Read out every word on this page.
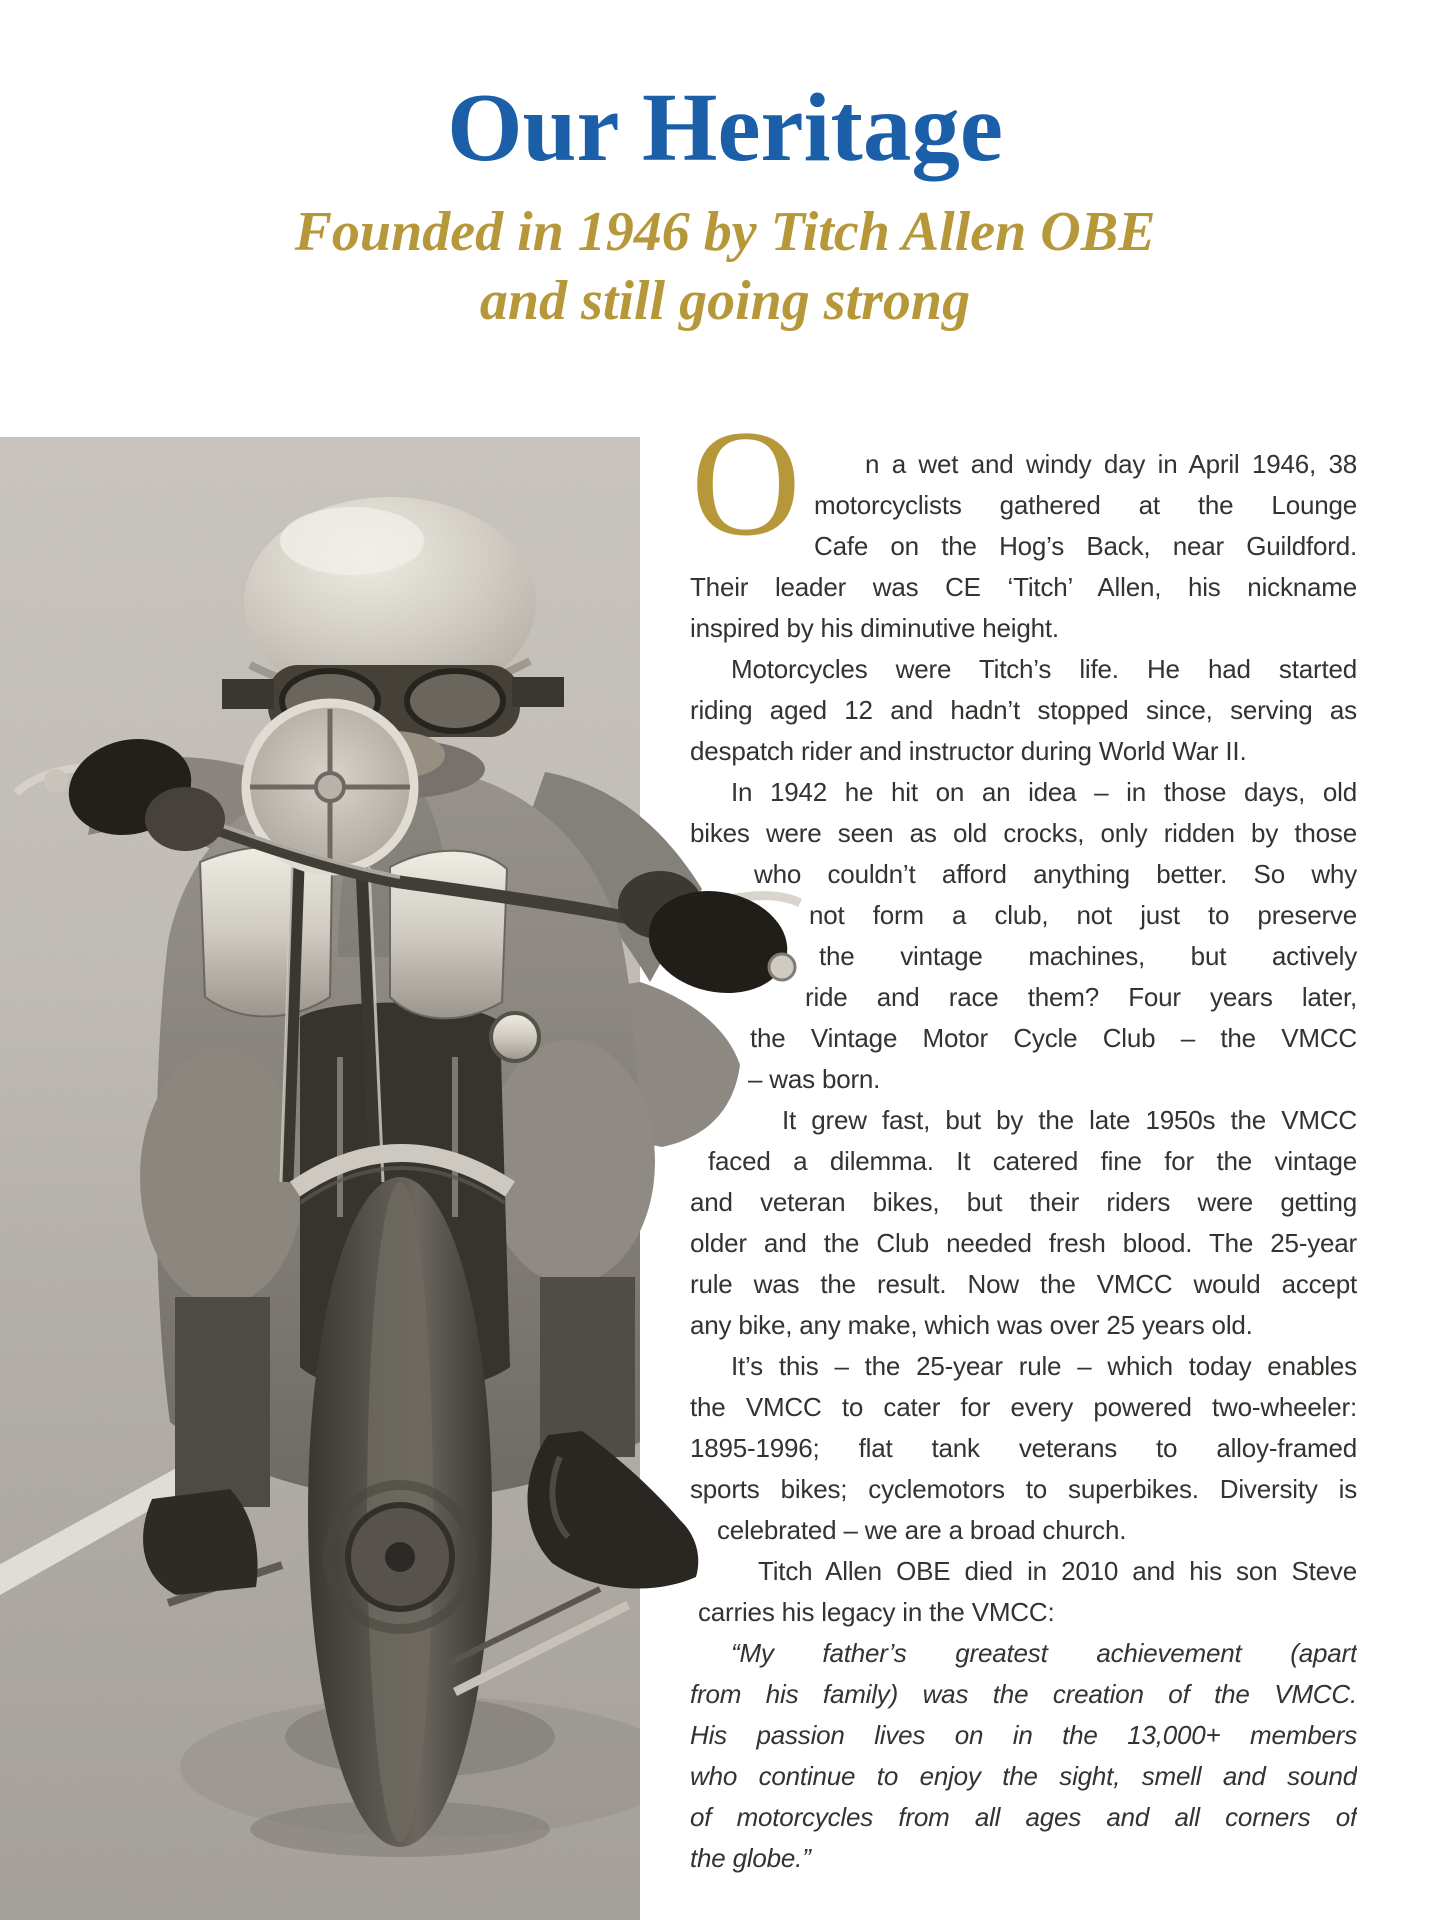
Our Heritage
Founded in 1946 by Titch Allen OBE
and still going strong
O n a wet and windy day in April 1946, 38
motorcyclists gathered at the Lounge
Cafe on the Hog’s Back, near Guildford.
Their leader was CE ‘Titch’ Allen, his nickname
inspired by his diminutive height.
Motorcycles were Titch’s life. He had started
riding aged 12 and hadn’t stopped since, serving as
despatch rider and instructor during World War II.
In 1942 he hit on an idea – in those days, old
bikes were seen as old crocks, only ridden by those
who couldn’t afford anything better. So why
not form a club, not just to preserve
the vintage machines, but actively
ride and race them? Four years later,
the Vintage Motor Cycle Club – the VMCC
– was born.
It grew fast, but by the late 1950s the VMCC
faced a dilemma. It catered fine for the vintage
and veteran bikes, but their riders were getting
older and the Club needed fresh blood. The 25-year
rule was the result. Now the VMCC would accept
any bike, any make, which was over 25 years old.
It’s this – the 25-year rule – which today enables
the VMCC to cater for every powered two-wheeler:
1895-1996; flat tank veterans to alloy-framed
sports bikes; cyclemotors to superbikes. Diversity is
celebrated – we are a broad church.
Titch Allen OBE died in 2010 and his son Steve
carries his legacy in the VMCC:
“My father’s greatest achievement (apart
from his family) was the creation of the VMCC.
His passion lives on in the 13,000+ members
who continue to enjoy the sight, smell and sound
of motorcycles from all ages and all corners of
the globe.”
